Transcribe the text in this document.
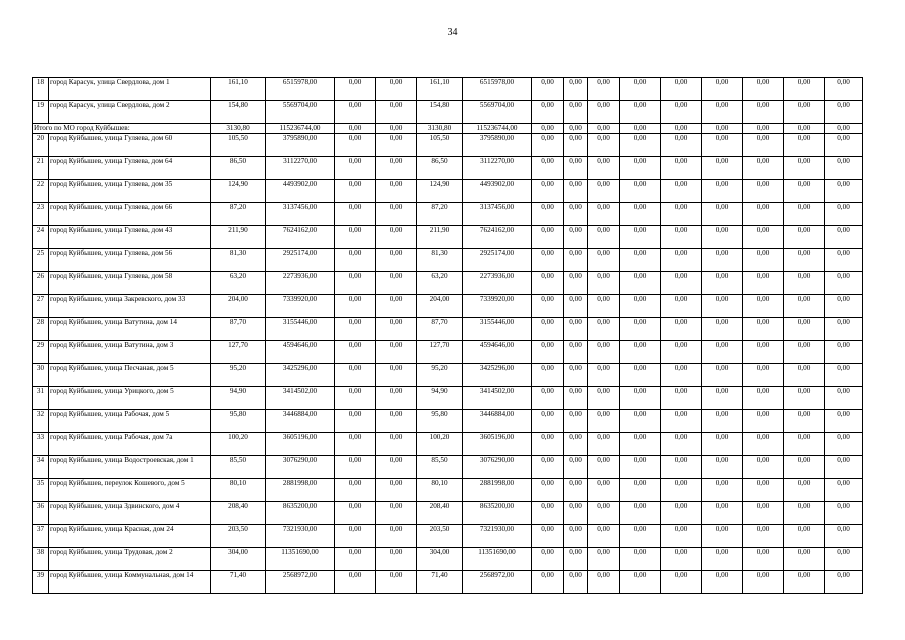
34
18	город Карасук, улица Свердлова, дом 1	161,10	6515978,00	0,00	0,00	161,10	6515978,00	0,00	0,00	0,00	0,00	0,00	0,00	0,00	0,00	0,00
19	город Карасук, улица Свердлова, дом 2	154,80	5569704,00	0,00	0,00	154,80	5569704,00	0,00	0,00	0,00	0,00	0,00	0,00	0,00	0,00	0,00
Итого по МО город Куйбышев:		3130,80	115236744,00	0,00	0,00	3130,80	115236744,00	0,00	0,00	0,00	0,00	0,00	0,00	0,00	0,00	0,00
20	город Куйбышев, улица Гуляева, дом 60	105,50	3795890,00	0,00	0,00	105,50	3795890,00	0,00	0,00	0,00	0,00	0,00	0,00	0,00	0,00	0,00
21	город Куйбышев, улица Гуляева, дом 64	86,50	3112270,00	0,00	0,00	86,50	3112270,00	0,00	0,00	0,00	0,00	0,00	0,00	0,00	0,00	0,00
22	город Куйбышев, улица Гуляева, дом 35	124,90	4493902,00	0,00	0,00	124,90	4493902,00	0,00	0,00	0,00	0,00	0,00	0,00	0,00	0,00	0,00
23	город Куйбышев, улица Гуляева, дом 66	87,20	3137456,00	0,00	0,00	87,20	3137456,00	0,00	0,00	0,00	0,00	0,00	0,00	0,00	0,00	0,00
24	город Куйбышев, улица Гуляева, дом 43	211,90	7624162,00	0,00	0,00	211,90	7624162,00	0,00	0,00	0,00	0,00	0,00	0,00	0,00	0,00	0,00
25	город Куйбышев, улица Гуляева, дом 56	81,30	2925174,00	0,00	0,00	81,30	2925174,00	0,00	0,00	0,00	0,00	0,00	0,00	0,00	0,00	0,00
26	город Куйбышев, улица Гуляева, дом 58	63,20	2273936,00	0,00	0,00	63,20	2273936,00	0,00	0,00	0,00	0,00	0,00	0,00	0,00	0,00	0,00
27	город Куйбышев, улица Закревского, дом 33	204,00	7339920,00	0,00	0,00	204,00	7339920,00	0,00	0,00	0,00	0,00	0,00	0,00	0,00	0,00	0,00
28	город Куйбышев, улица Ватутина, дом 14	87,70	3155446,00	0,00	0,00	87,70	3155446,00	0,00	0,00	0,00	0,00	0,00	0,00	0,00	0,00	0,00
29	город Куйбышев, улица Ватутина, дом 3	127,70	4594646,00	0,00	0,00	127,70	4594646,00	0,00	0,00	0,00	0,00	0,00	0,00	0,00	0,00	0,00
30	город Куйбышев, улица Песчаная, дом 5	95,20	3425296,00	0,00	0,00	95,20	3425296,00	0,00	0,00	0,00	0,00	0,00	0,00	0,00	0,00	0,00
31	город Куйбышев, улица Урицкого, дом 5	94,90	3414502,00	0,00	0,00	94,90	3414502,00	0,00	0,00	0,00	0,00	0,00	0,00	0,00	0,00	0,00
32	город Куйбышев, улица Рабочая, дом 5	95,80	3446884,00	0,00	0,00	95,80	3446884,00	0,00	0,00	0,00	0,00	0,00	0,00	0,00	0,00	0,00
33	город Куйбышев, улица Рабочая, дом 7а	100,20	3605196,00	0,00	0,00	100,20	3605196,00	0,00	0,00	0,00	0,00	0,00	0,00	0,00	0,00	0,00
34	город Куйбышев, улица Водострoевская, дом 1	85,50	3076290,00	0,00	0,00	85,50	3076290,00	0,00	0,00	0,00	0,00	0,00	0,00	0,00	0,00	0,00
35	город Куйбышев, переулок Кошевого, дом 5	80,10	2881998,00	0,00	0,00	80,10	2881998,00	0,00	0,00	0,00	0,00	0,00	0,00	0,00	0,00	0,00
36	город Куйбышев, улица Здвинского, дом 4	208,40	8635200,00	0,00	0,00	208,40	8635200,00	0,00	0,00	0,00	0,00	0,00	0,00	0,00	0,00	0,00
37	город Куйбышев, улица Красная, дом 24	203,50	7321930,00	0,00	0,00	203,50	7321930,00	0,00	0,00	0,00	0,00	0,00	0,00	0,00	0,00	0,00
38	город Куйбышев, улица Трудовая, дом 2	304,00	11351690,00	0,00	0,00	304,00	11351690,00	0,00	0,00	0,00	0,00	0,00	0,00	0,00	0,00	0,00
39	город Куйбышев, улица Коммунальная, дом 14	71,40	2568972,00	0,00	0,00	71,40	2568972,00	0,00	0,00	0,00	0,00	0,00	0,00	0,00	0,00	0,00
